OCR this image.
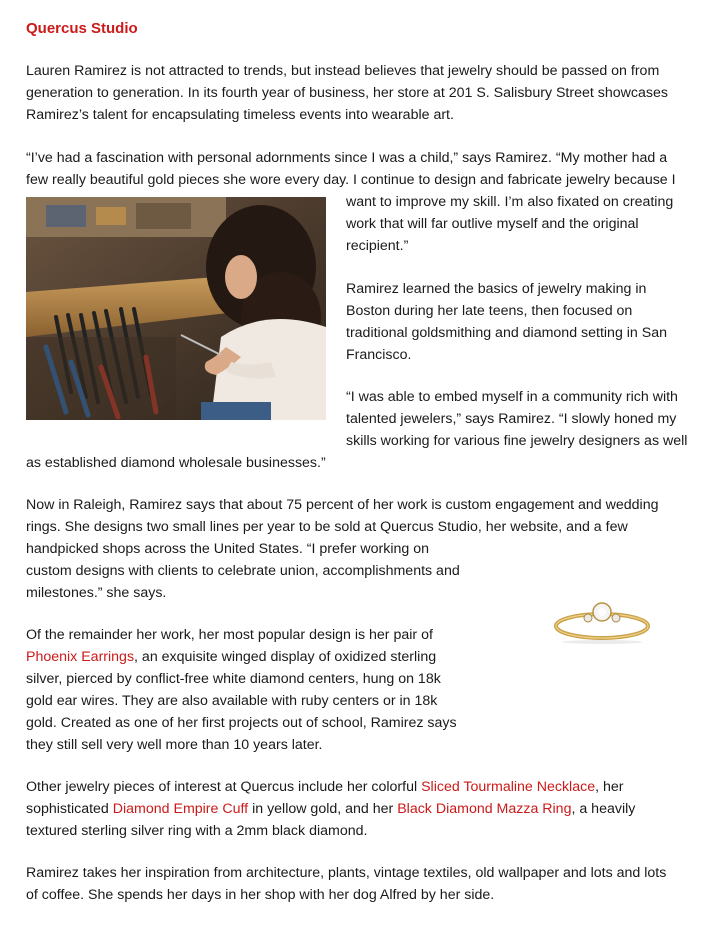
Quercus Studio

Lauren Ramirez is not attracted to trends, but instead believes that jewelry should be passed on from
generation to generation. In its fourth year of business, her store at 201 S. Salisbury Street showcases
Ramirez’s talent for encapsulating timeless events into wearable art.

“I’ve had a fascination with personal adornments since I was a child,” says Ramirez. “My mother had a
few really beautiful gold pieces she wore every day. I continue to design and fabricate jewelry because I
want to improve my skill. I’m also fixated on creating
work that will far outlive myself and the original
recipient.”

Ramirez learned the basics of jewelry making in
Boston during her late teens, then focused on
traditional goldsmithing and diamond setting in San
Francisco.

“I was able to embed myself in a community rich with
talented jewelers,” says Ramirez. “I slowly honed my
skills working for various fine jewelry designers as well
as established diamond wholesale businesses.”

Now in Raleigh, Ramirez says that about 75 percent of her work is custom engagement and wedding
rings. She designs two small lines per year to be sold at Quercus Studio, her website, and a few
handpicked shops across the United States. “I prefer working on
custom designs with clients to celebrate union, accomplishments and
milestones.” she says.

Of the remainder her work, her most popular design is her pair of
Phoenix Earrings, an exquisite winged display of oxidized sterling
silver, pierced by conflict-free white diamond centers, hung on 18k
gold ear wires. They are also available with ruby centers or in 18k
gold. Created as one of her first projects out of school, Ramirez says
they still sell very well more than 10 years later.

Other jewelry pieces of interest at Quercus include her colorful Sliced Tourmaline Necklace, her
sophisticated Diamond Empire Cuff in yellow gold, and her Black Diamond Mazza Ring, a heavily
textured sterling silver ring with a 2mm black diamond.

Ramirez takes her inspiration from architecture, plants, vintage textiles, old wallpaper and lots and lots
of coffee. She spends her days in her shop with her dog Alfred by her side.
